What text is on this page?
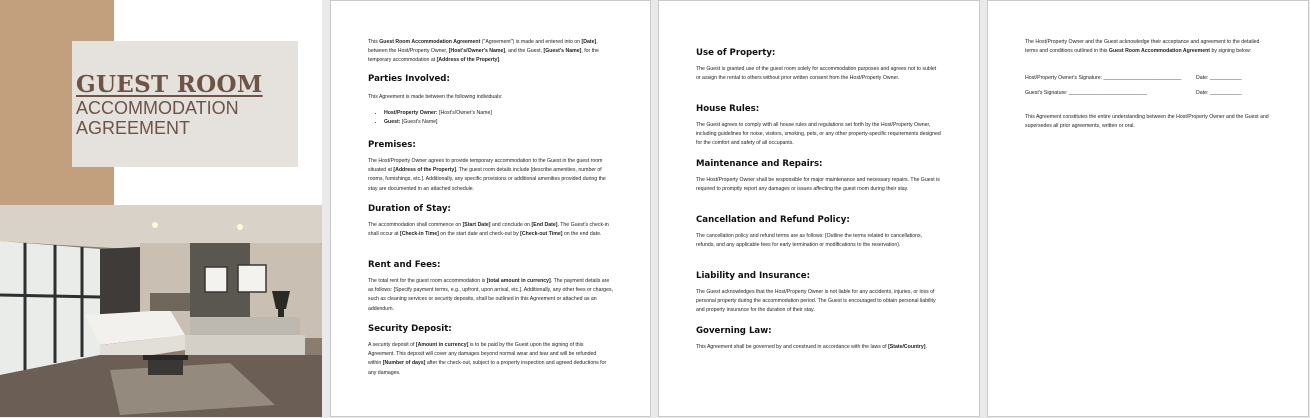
GUEST ROOM
ACCOMMODATION
AGREEMENT

This Guest Room Accommodation Agreement ("Agreement") is made and entered into on [Date], between the Host/Property Owner, [Host's/Owner's Name], and the Guest, [Guest's Name], for the temporary accommodation at [Address of the Property].

Parties Involved:

This Agreement is made between the following individuals:

• Host/Property Owner: [Host's/Owner's Name]
• Guest: [Guest's Name]
Premises:

The Host/Property Owner agrees to provide temporary accommodation to the Guest in the guest room situated at [Address of the Property]. The guest room details include [describe amenities, number of rooms, furnishings, etc.]. Additionally, any specific provisions or additional amenities provided during the stay are documented in an attached schedule.

Duration of Stay:

The accommodation shall commence on [Start Date] and conclude on [End Date]. The Guest's check-in shall occur at [Check-in Time] on the start date and check-out by [Check-out Time] on the end date.

Rent and Fees:

The total rent for the guest room accommodation is [total amount in currency]. The payment details are as follows: [Specify payment terms, e.g., upfront, upon arrival, etc.]. Additionally, any other fees or charges, such as cleaning services or security deposits, shall be outlined in this Agreement or attached as an addendum.

Security Deposit:

A security deposit of [Amount in currency] is to be paid by the Guest upon the signing of this Agreement. This deposit will cover any damages beyond normal wear and tear and will be refunded within [Number of days] after the check-out, subject to a property inspection and agreed deductions for any damages.

Use of Property:

The Guest is granted use of the guest room solely for accommodation purposes and agrees not to sublet or assign the rental to others without prior written consent from the Host/Property Owner.

House Rules:

The Guest agrees to comply with all house rules and regulations set forth by the Host/Property Owner, including guidelines for noise, visitors, smoking, pets, or any other property-specific requirements designed for the comfort and safety of all occupants.

Maintenance and Repairs:

The Host/Property Owner shall be responsible for major maintenance and necessary repairs. The Guest is required to promptly report any damages or issues affecting the guest room during their stay.

Cancellation and Refund Policy:

The cancellation policy and refund terms are as follows: [Outline the terms related to cancellations, refunds, and any applicable fees for early termination or modifications to the reservation).

Liability and Insurance:

The Guest acknowledges that the Host/Property Owner is not liable for any accidents, injuries, or loss of personal property during the accommodation period. The Guest is encouraged to obtain personal liability and property insurance for the duration of their stay.

Governing Law:

This Agreement shall be governed by and construed in accordance with the laws of [State/Country].

The Host/Property Owner and the Guest acknowledge their acceptance and agreement to the detailed terms and conditions outlined in this Guest Room Accommodation Agreement by signing below:

Host/Property Owner's Signature: ___________________________	Date: ___________
Guest's Signature: ___________________________	Date: ___________

This Agreement constitutes the entire understanding between the Host/Property Owner and the Guest and supersedes all prior agreements, written or oral.
